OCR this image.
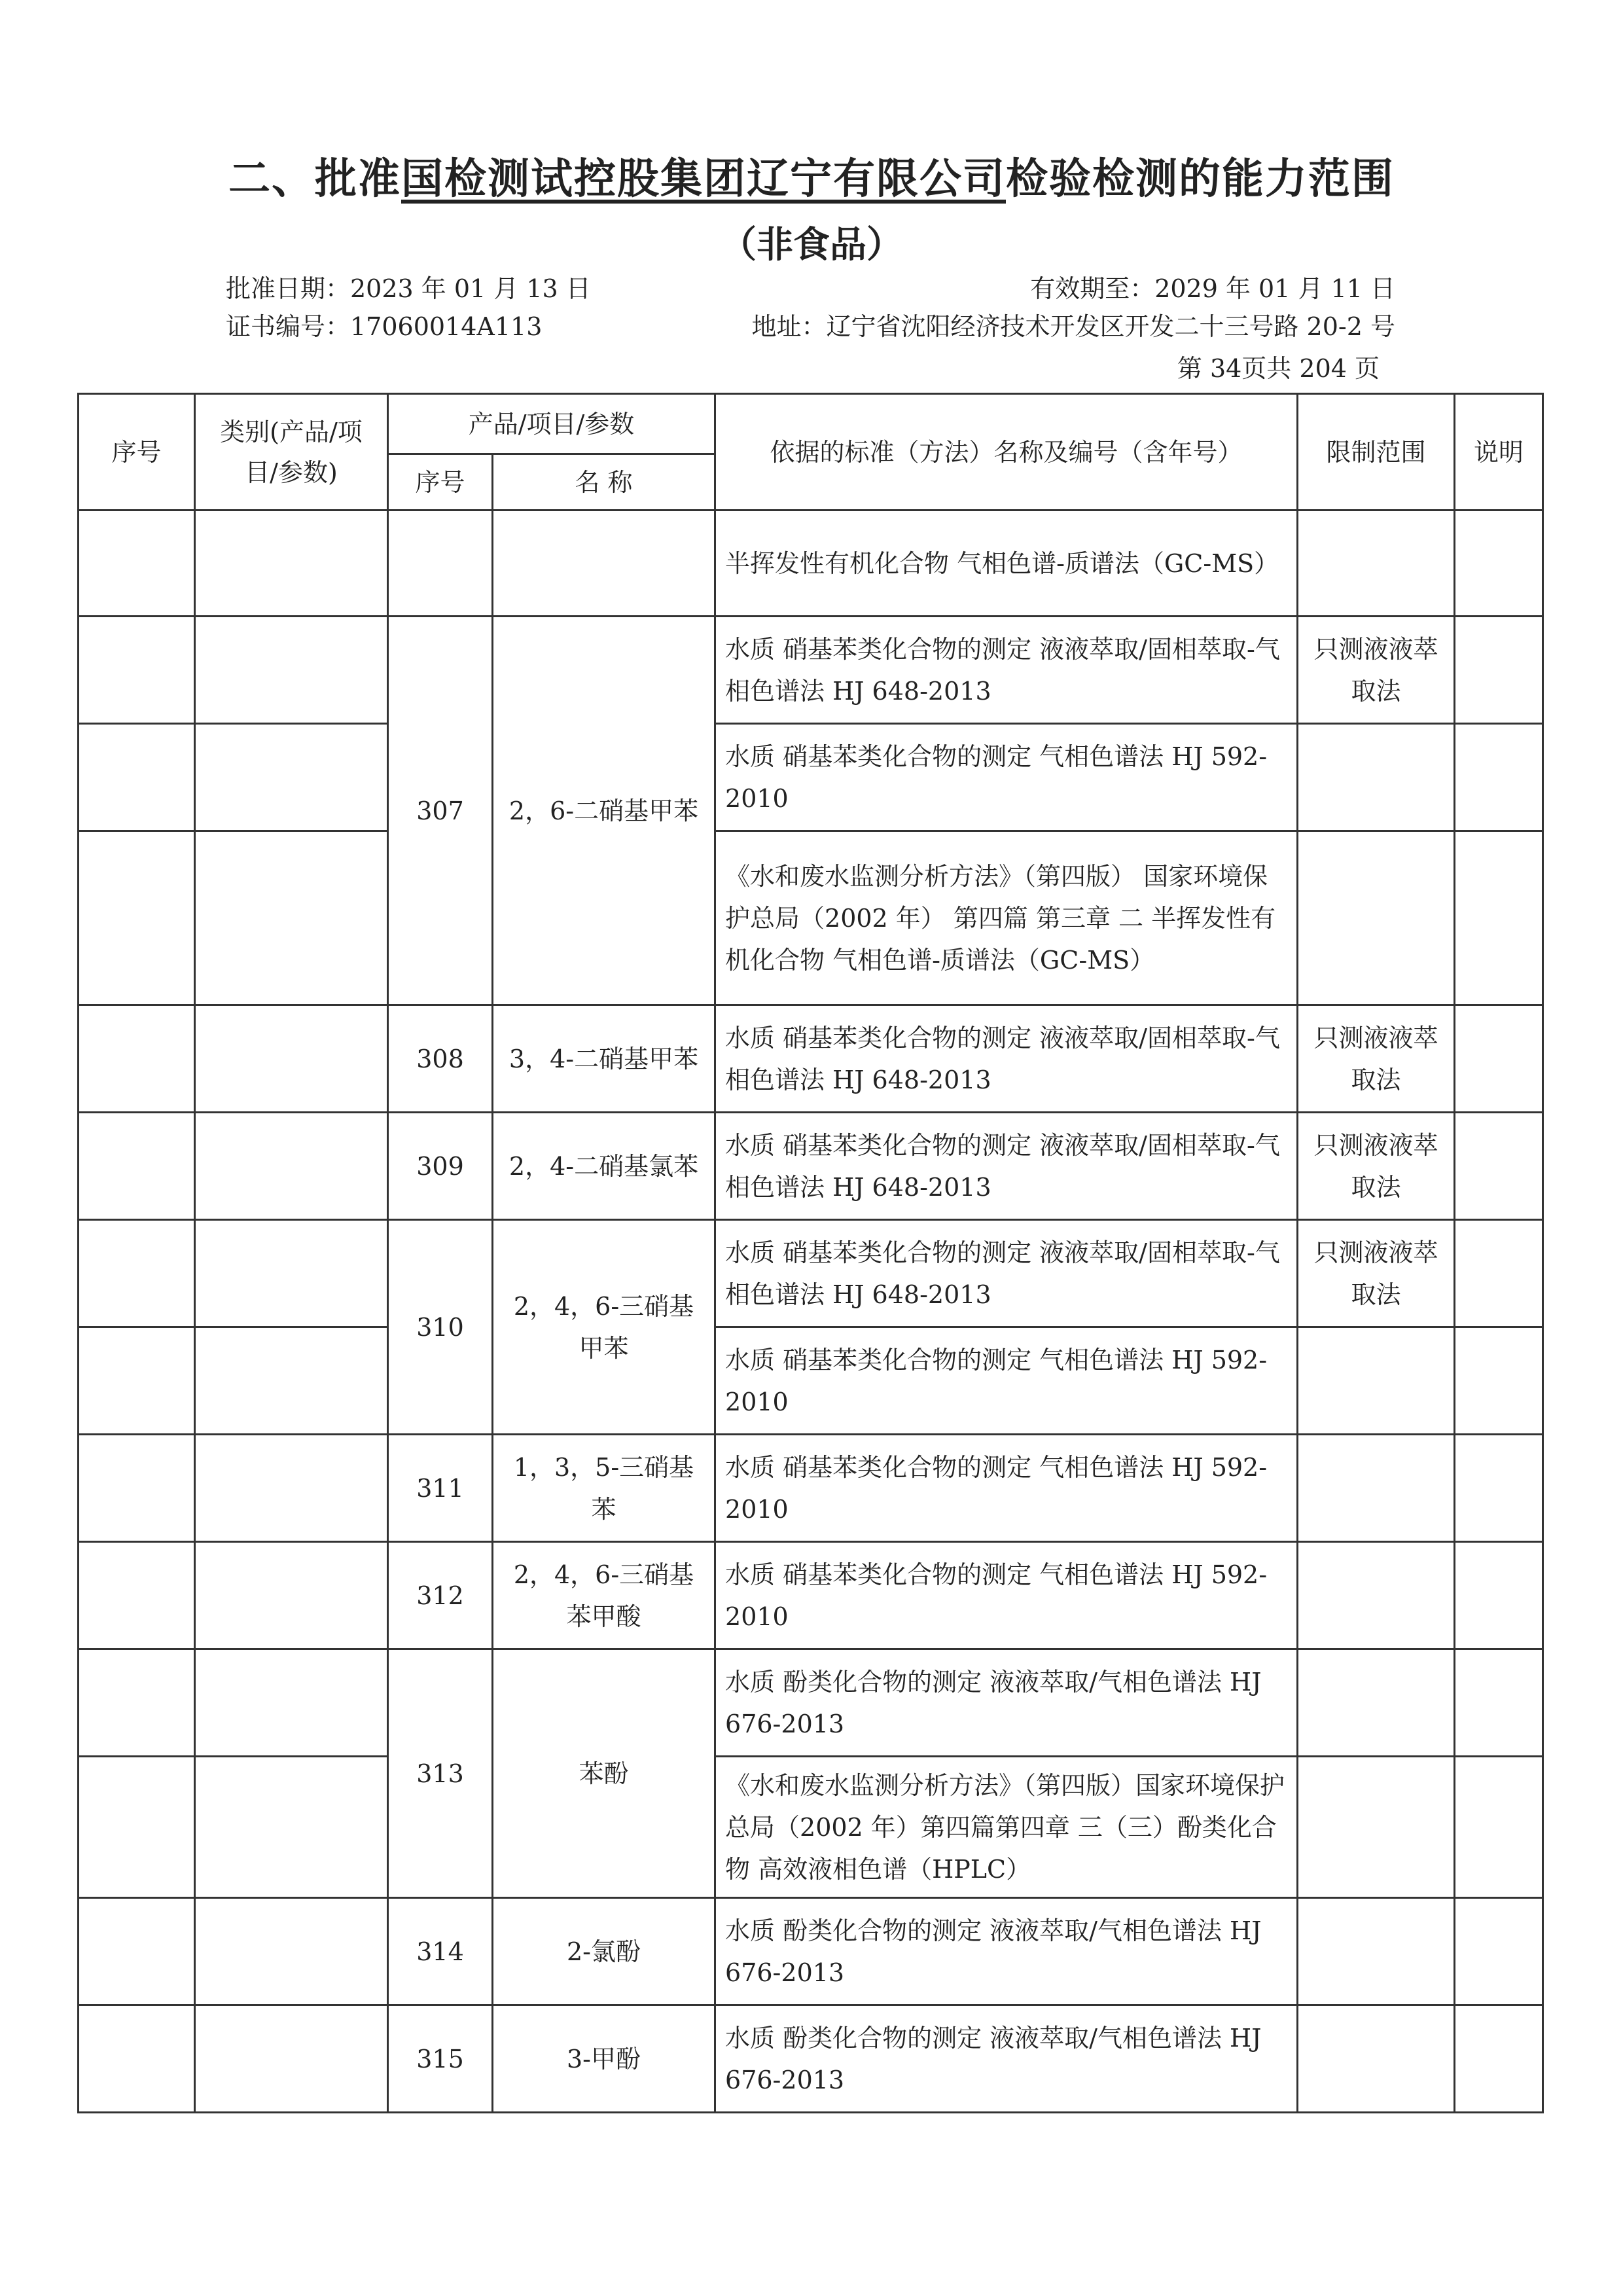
二、批准国检测试控股集团辽宁有限公司检验检测的能力范围
（非食品）
批准日期：2023 年 01 月 13 日	有效期至：2029 年 01 月 11 日
证书编号：17060014A113	地址：辽宁省沈阳经济技术开发区开发二十三号路 20-2 号
第 34页共 204 页
序号	类别(产品/项目/参数)	产品/项目/参数		依据的标准（方法）名称及编号（含年号）	限制范围	说明
		序号	名 称			
				半挥发性有机化合物 气相色谱-质谱法（GC-MS）		
		307	2，6-二硝基甲苯	水质 硝基苯类化合物的测定 液液萃取/固相萃取-气相色谱法 HJ 648-2013	只测液液萃取法	
				水质 硝基苯类化合物的测定 气相色谱法 HJ 592-2010		
				《水和废水监测分析方法》（第四版） 国家环境保护总局（2002 年） 第四篇 第三章 二 半挥发性有机化合物 气相色谱-质谱法（GC-MS）		
		308	3，4-二硝基甲苯	水质 硝基苯类化合物的测定 液液萃取/固相萃取-气相色谱法 HJ 648-2013	只测液液萃取法	
		309	2，4-二硝基氯苯	水质 硝基苯类化合物的测定 液液萃取/固相萃取-气相色谱法 HJ 648-2013	只测液液萃取法	
		310	2，4，6-三硝基甲苯	水质 硝基苯类化合物的测定 液液萃取/固相萃取-气相色谱法 HJ 648-2013	只测液液萃取法	
				水质 硝基苯类化合物的测定 气相色谱法 HJ 592-2010		
		311	1，3，5-三硝基苯	水质 硝基苯类化合物的测定 气相色谱法 HJ 592-2010		
		312	2，4，6-三硝基苯甲酸	水质 硝基苯类化合物的测定 气相色谱法 HJ 592-2010		
		313	苯酚	水质 酚类化合物的测定 液液萃取/气相色谱法 HJ 676-2013		
				《水和废水监测分析方法》（第四版）国家环境保护总局（2002 年）第四篇第四章 三（三）酚类化合物 高效液相色谱（HPLC）		
		314	2-氯酚	水质 酚类化合物的测定 液液萃取/气相色谱法 HJ 676-2013		
		315	3-甲酚	水质 酚类化合物的测定 液液萃取/气相色谱法 HJ 676-2013		
